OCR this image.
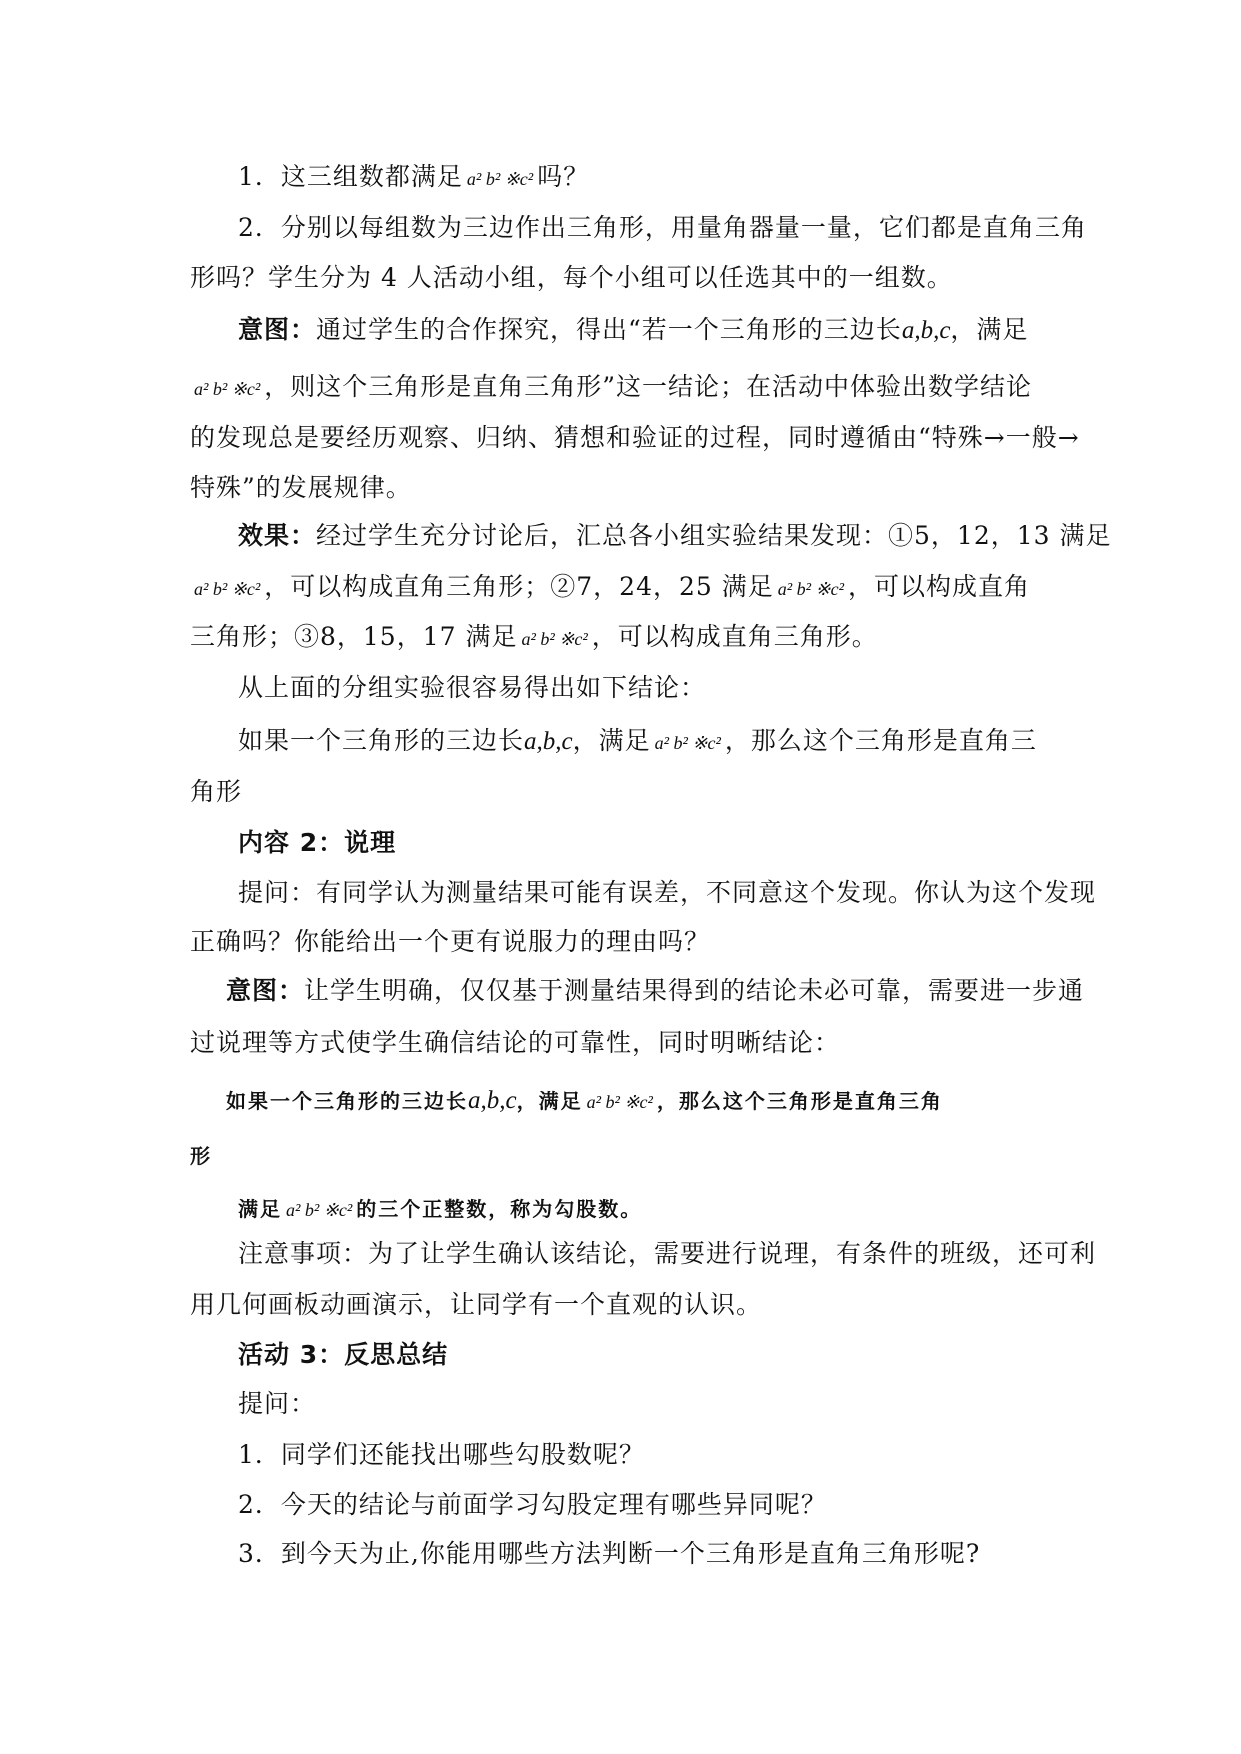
1．这三组数都满足 a² b² ※c² 吗？
2．分别以每组数为三边作出三角形，用量角器量一量，它们都是直角三角
形吗？学生分为 4 人活动小组，每个小组可以任选其中的一组数。
意图：通过学生的合作探究，得出“若一个三角形的三边长a,b,c，满足
a² b² ※c² ，则这个三角形是直角三角形”这一结论；在活动中体验出数学结论
的发现总是要经历观察、归纳、猜想和验证的过程，同时遵循由“特殊→一般→
特殊”的发展规律。
效果：经过学生充分讨论后，汇总各小组实验结果发现：①5，12，13 满足
a² b² ※c² ，可以构成直角三角形；②7，24，25 满足 a² b² ※c² ，可以构成直角
三角形；③8，15，17 满足 a² b² ※c² ，可以构成直角三角形。
从上面的分组实验很容易得出如下结论：
如果一个三角形的三边长a,b,c，满足 a² b² ※c² ，那么这个三角形是直角三
角形
内容 2：说理
提问：有同学认为测量结果可能有误差，不同意这个发现。你认为这个发现
正确吗？你能给出一个更有说服力的理由吗？
意图：让学生明确，仅仅基于测量结果得到的结论未必可靠，需要进一步通
过说理等方式使学生确信结论的可靠性，同时明晰结论：
如果一个三角形的三边长a,b,c，满足 a² b² ※c² ，那么这个三角形是直角三角
形
满足 a² b² ※c² 的三个正整数，称为勾股数。
注意事项：为了让学生确认该结论，需要进行说理，有条件的班级，还可利
用几何画板动画演示，让同学有一个直观的认识。
活动 3：反思总结
提问：
1．同学们还能找出哪些勾股数呢？
2．今天的结论与前面学习勾股定理有哪些异同呢？
3．到今天为止,你能用哪些方法判断一个三角形是直角三角形呢?
